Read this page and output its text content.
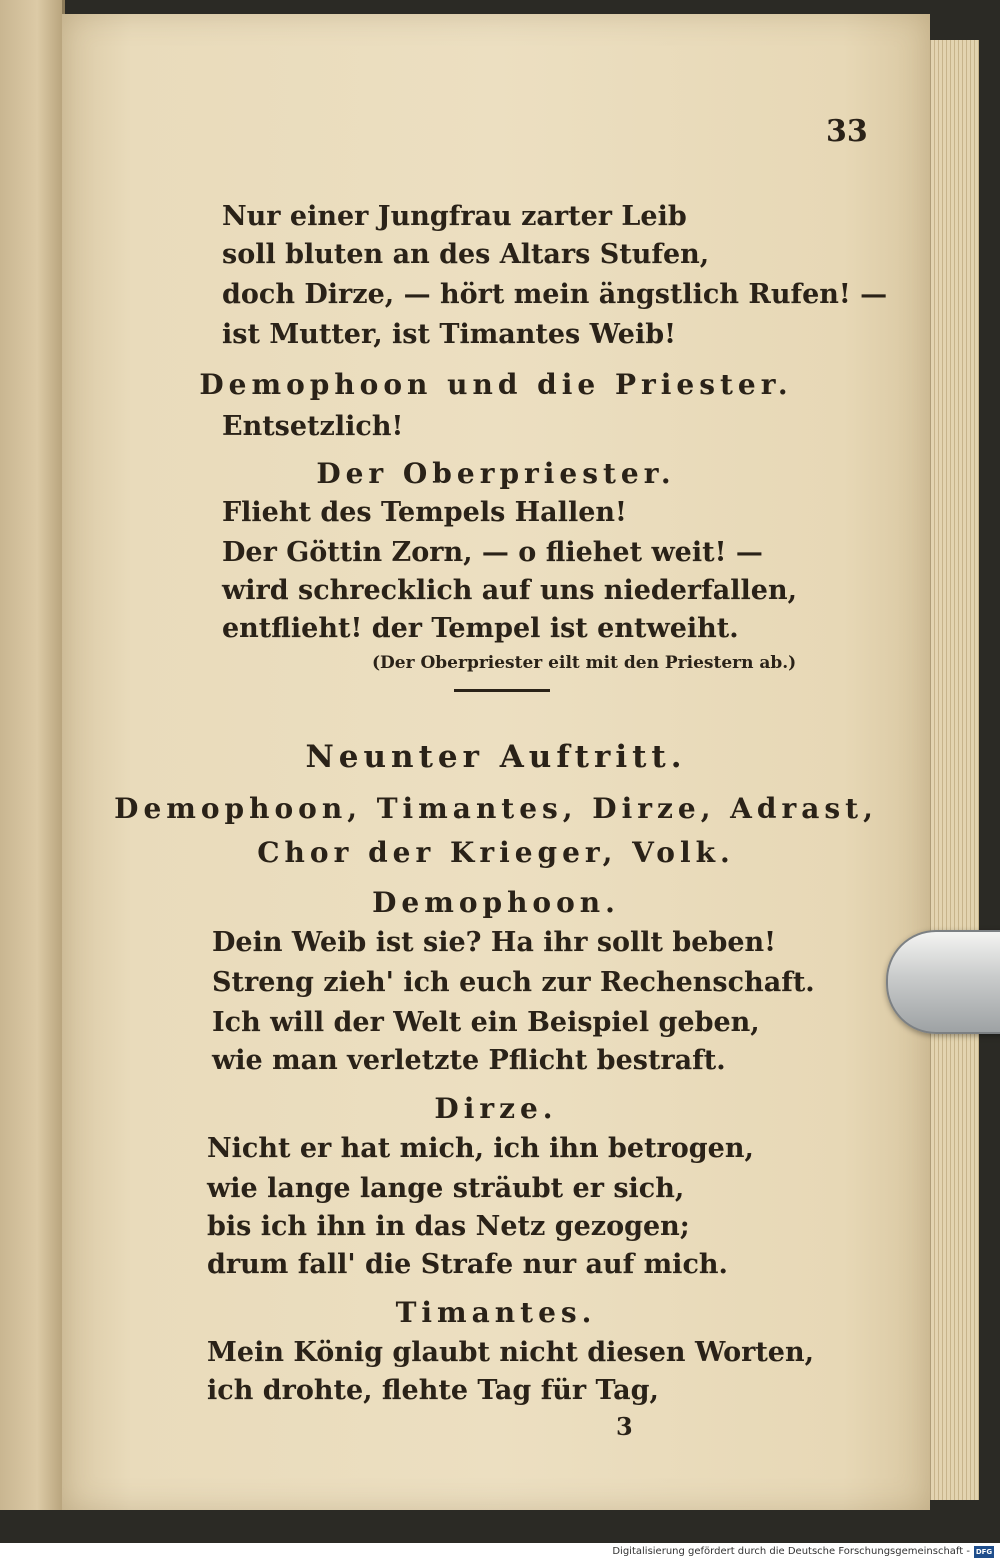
33
Nur einer Jungfrau zarter Leib
soll bluten an des Altars Stufen,
doch Dirze, — hört mein ängstlich Rufen! —
ist Mutter, ist Timantes Weib!
Demophoon und die Priester.
Entsetzlich!
Der Oberpriester.
Flieht des Tempels Hallen!
Der Göttin Zorn, — o fliehet weit! —
wird schrecklich auf uns niederfallen,
entflieht! der Tempel ist entweiht.
(Der Oberpriester eilt mit den Priestern ab.)
Neunter Auftritt.
Demophoon, Timantes, Dirze, Adrast,
Chor der Krieger, Volk.
Demophoon.
Dein Weib ist sie? Ha ihr sollt beben!
Streng zieh' ich euch zur Rechenschaft.
Ich will der Welt ein Beispiel geben,
wie man verletzte Pflicht bestraft.
Dirze.
Nicht er hat mich, ich ihn betrogen,
wie lange lange sträubt er sich,
bis ich ihn in das Netz gezogen;
drum fall' die Strafe nur auf mich.
Timantes.
Mein König glaubt nicht diesen Worten,
ich drohte, flehte Tag für Tag,
3
Digitalisierung gefördert durch die Deutsche Forschungsgemeinschaft - DFG
